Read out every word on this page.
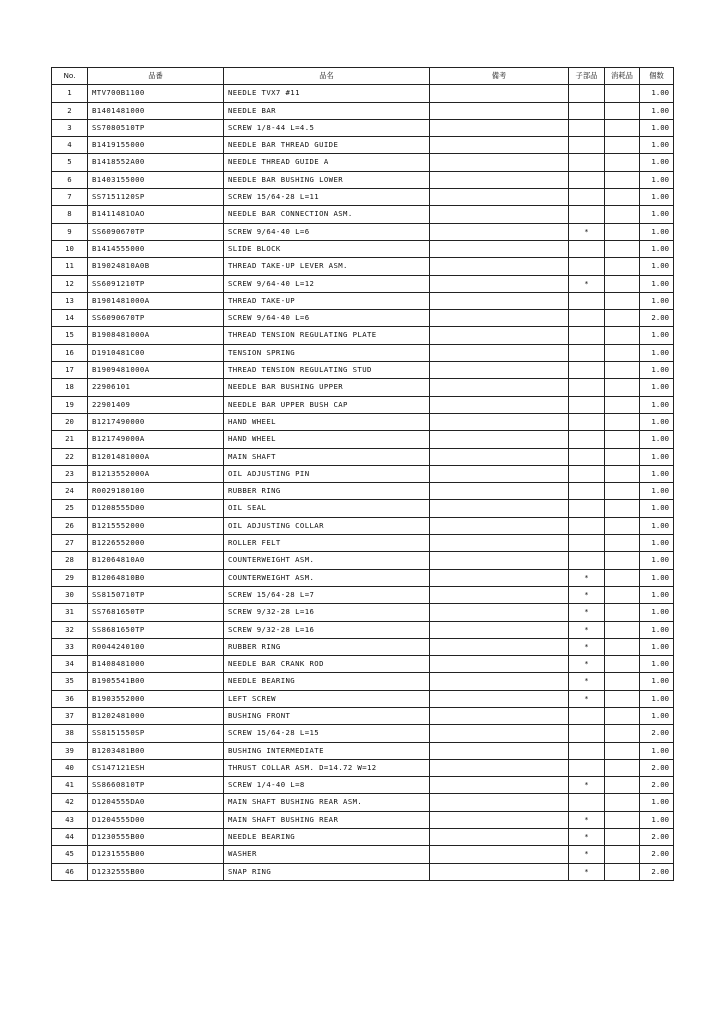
No.	品番	品名	備考	子部品	消耗品	個数
1	MTV700B1100	NEEDLE TVX7 #11				1.00
2	B1401481000	NEEDLE BAR				1.00
3	SS7080510TP	SCREW 1/8-44 L=4.5				1.00
4	B1419155000	NEEDLE BAR THREAD GUIDE				1.00
5	B1418552A00	NEEDLE THREAD GUIDE A				1.00
6	B1403155000	NEEDLE BAR BUSHING LOWER				1.00
7	SS7151120SP	SCREW 15/64-28 L=11				1.00
8	B1411481OAO	NEEDLE BAR CONNECTION ASM.				1.00
9	SS6090670TP	SCREW 9/64-40 L=6		*		1.00
10	B1414555000	SLIDE BLOCK				1.00
11	B19024810A0B	THREAD TAKE-UP LEVER ASM.				1.00
12	SS6091210TP	SCREW 9/64-40 L=12		*		1.00
13	B1901481000A	THREAD TAKE-UP				1.00
14	SS6090670TP	SCREW 9/64-40 L=6				2.00
15	B1908481000A	THREAD TENSION REGULATING PLATE				1.00
16	D1910481C00	TENSION SPRING				1.00
17	B1909481000A	THREAD TENSION REGULATING STUD				1.00
18	22906101	NEEDLE BAR BUSHING UPPER				1.00
19	22901409	NEEDLE BAR UPPER BUSH CAP				1.00
20	B1217490000	HAND WHEEL				1.00
21	B121749000A	HAND WHEEL				1.00
22	B1201481000A	MAIN SHAFT				1.00
23	B1213552000A	OIL ADJUSTING PIN				1.00
24	R0029180100	RUBBER RING				1.00
25	D1208555D00	OIL SEAL				1.00
26	B1215552000	OIL ADJUSTING COLLAR				1.00
27	B1226552000	ROLLER FELT				1.00
28	B12064810A0	COUNTERWEIGHT ASM.				1.00
29	B12064810B0	COUNTERWEIGHT ASM.		*		1.00
30	SS8150710TP	SCREW 15/64-28 L=7		*		1.00
31	SS7681650TP	SCREW 9/32-28 L=16		*		1.00
32	SS8681650TP	SCREW 9/32-28 L=16		*		1.00
33	R0044240100	RUBBER RING		*		1.00
34	B1408481000	NEEDLE BAR CRANK ROD		*		1.00
35	B1905541B00	NEEDLE BEARING		*		1.00
36	B1903552000	LEFT SCREW		*		1.00
37	B1202481000	BUSHING FRONT				1.00
38	SS8151550SP	SCREW 15/64-28 L=15				2.00
39	B1203481B00	BUSHING INTERMEDIATE				1.00
40	CS147121ESH	THRUST COLLAR ASM. D=14.72 W=12				2.00
41	SS8660810TP	SCREW 1/4-40 L=8		*		2.00
42	D1204555DA0	MAIN SHAFT BUSHING REAR ASM.				1.00
43	D1204555D00	MAIN SHAFT BUSHING REAR		*		1.00
44	D1230555B00	NEEDLE BEARING		*		2.00
45	D1231555B00	WASHER		*		2.00
46	D1232555B00	SNAP RING		*		2.00
